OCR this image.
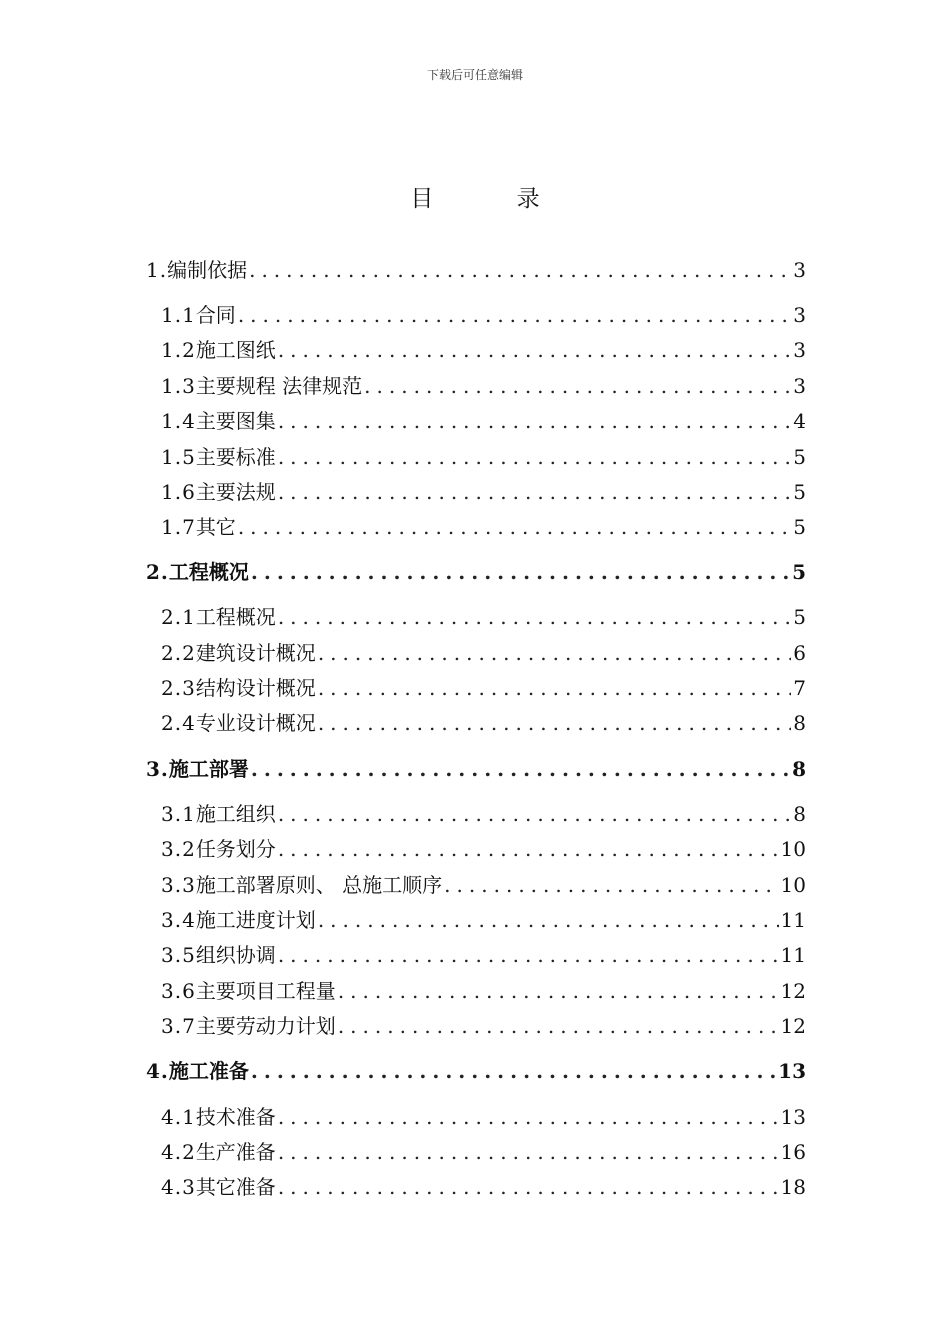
下载后可任意编辑
目 录
1. 编制依据 .....	3
1.1 合同 .....	3
1.2 施工图纸 .....	3
1.3 主要规程 法律规范 .....	3
1.4 主要图集 .....	4
1.5 主要标准 .....	5
1.6 主要法规 .....	5
1.7 其它 .....	5
2. 工程概况 .....	5
2.1 工程概况 .....	5
2.2 建筑设计概况 .....	6
2.3 结构设计概况 .....	7
2.4 专业设计概况 .....	8
3. 施工部署 .....	8
3.1 施工组织 .....	8
3.2 任务划分 .....	10
3.3 施工部署原则、 总施工顺序 .....	10
3.4 施工进度计划 .....	11
3.5 组织协调 .....	11
3.6 主要项目工程量 .....	12
3.7 主要劳动力计划 .....	12
4. 施工准备 .....	13
4.1 技术准备 .....	13
4.2 生产准备 .....	16
4.3 其它准备 .....	18
